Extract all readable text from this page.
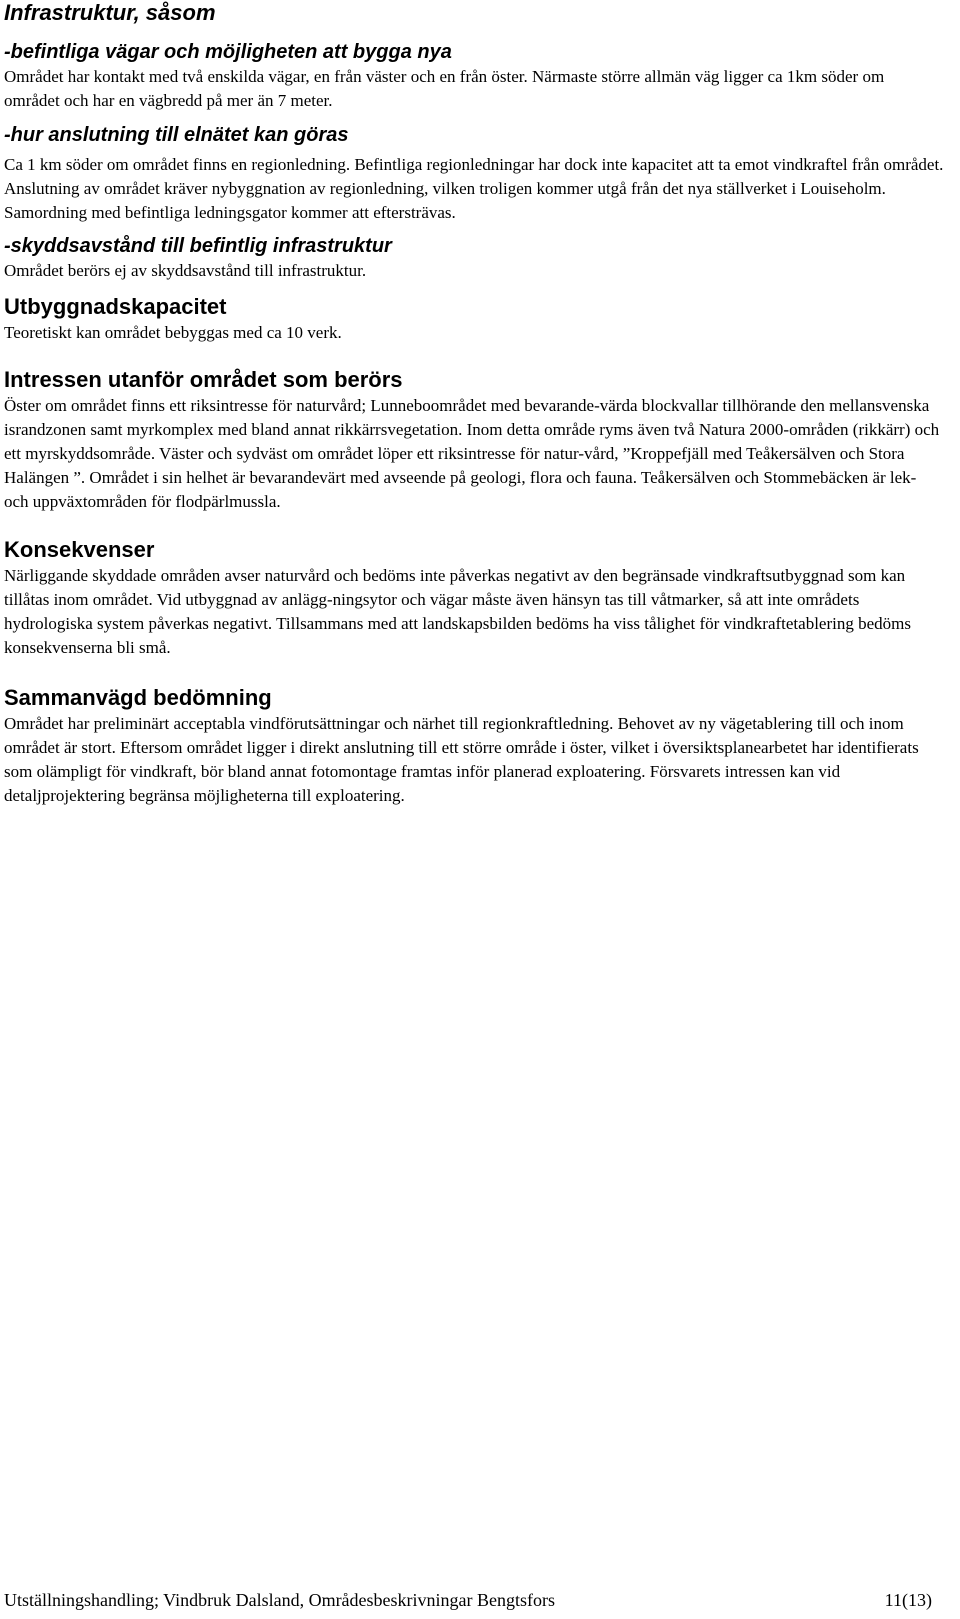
Infrastruktur, såsom
-befintliga vägar och möjligheten att bygga nya

Området har kontakt med två enskilda vägar, en från väster och en från öster. Närmaste större allmän väg ligger ca 1km söder om området och har en vägbredd på mer än 7 meter.

-hur anslutning till elnätet kan göras

Ca 1 km söder om området finns en regionledning. Befintliga regionledningar har dock inte kapacitet att ta emot vindkraftel från området. Anslutning av området kräver nybyggnation av regionledning, vilken troligen kommer utgå från det nya ställverket i Louiseholm. Samordning med befintliga ledningsgator kommer att eftersträvas.

-skyddsavstånd till befintlig infrastruktur

Området berörs ej av skyddsavstånd till infrastruktur.

Utbyggnadskapacitet

Teoretiskt kan området bebyggas med ca 10 verk.

Intressen utanför området som berörs

Öster om området finns ett riksintresse för naturvård; Lunneboområdet med bevarande-värda blockvallar tillhörande den mellansvenska israndzonen samt myrkomplex med bland annat rikkärrsvegetation. Inom detta område ryms även två Natura 2000-områden (rikkärr) och ett myrskyddsområde. Väster och sydväst om området löper ett riksintresse för natur-vård, ”Kroppefjäll med Teåkersälven och Stora Halängen ”. Området i sin helhet är bevarandevärt med avseende på geologi, flora och fauna. Teåkersälven och Stommebäcken är lek- och uppväxtområden för flodpärlmussla.

Konsekvenser

Närliggande skyddade områden avser naturvård och bedöms inte påverkas negativt av den begränsade vindkraftsutbyggnad som kan tillåtas inom området. Vid utbyggnad av anlägg-ningsytor och vägar måste även hänsyn tas till våtmarker, så att inte områdets hydrologiska system påverkas negativt. Tillsammans med att landskapsbilden bedöms ha viss tålighet för vindkraftetablering bedöms konsekvenserna bli små.

Sammanvägd bedömning

Området har preliminärt acceptabla vindförutsättningar och närhet till regionkraftledning. Behovet av ny vägetablering till och inom området är stort. Eftersom området ligger i direkt anslutning till ett större område i öster, vilket i översiktsplanearbetet har identifierats som olämpligt för vindkraft, bör bland annat fotomontage framtas inför planerad exploatering. Försvarets intressen kan vid detaljprojektering begränsa möjligheterna till exploatering.

Utställningshandling; Vindbruk Dalsland, Områdesbeskrivningar Bengtsfors	11(13)
